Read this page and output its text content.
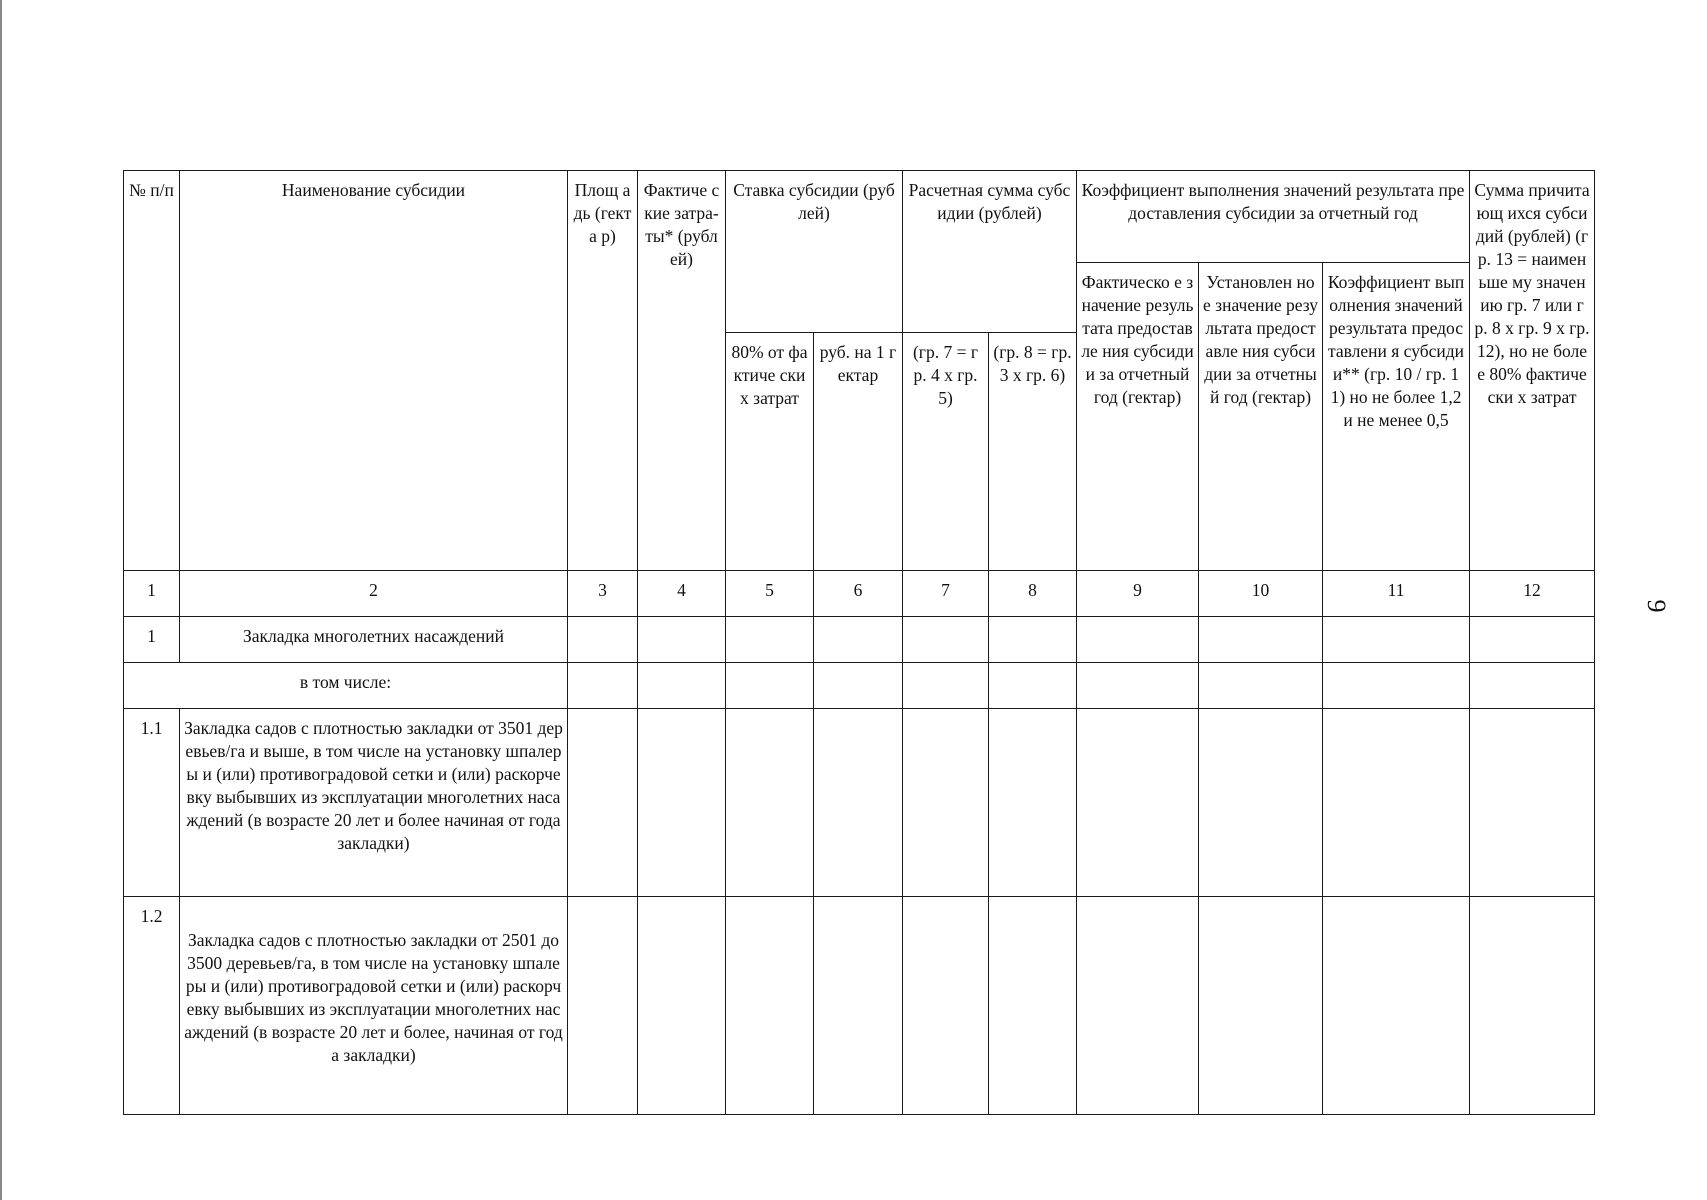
9
№ п/п	Наименование субсидии	Площ адь (гекта р)	Фактиче ские затра- ты* (рублей)	Ставка субсидии (рублей)		Расчетная сумма субсидии (рублей)		Коэффициент выполнения значений результата предоставления субсидии за отчетный год			Сумма причитающ ихся субсидий (рублей) (гр. 13 = наименьше му значению гр. 7 или гр. 8 х гр. 9 х гр. 12), но не более 80% фактически х затрат
								Фактическо е значение результата предоставле ния субсидии за отчетный год (гектар)	Установлен ное значение результата предоставле ния субсидии за отчетный год (гектар)	Коэффициент выполнения значений результата предоставлени я субсидии** (гр. 10 / гр. 11) но не более 1,2 и не менее 0,5	
				80% от фактиче ских затрат	руб. на 1 гектар	(гр. 7 = гр. 4 х гр. 5)	(гр. 8 = гр. 3 х гр. 6)				
1	2	3	4	5	6	7	8	9	10	11	12
1	Закладка многолетних насаждений										
в том числе:											
1.1	Закладка садов с плотностью закладки от 3501 деревьев/га и выше, в том числе на установку шпалеры и (или) противоградовой сетки и (или) раскорчевку выбывших из эксплуатации многолетних насаждений (в возрасте 20 лет и более начиная от года закладки)										
1.2	Закладка садов с плотностью закладки от 2501 до 3500 деревьев/га, в том числе на установку шпалеры и (или) противоградовой сетки и (или) раскорчевку выбывших из эксплуатации многолетних насаждений (в возрасте 20 лет и более, начиная от года закладки)										
